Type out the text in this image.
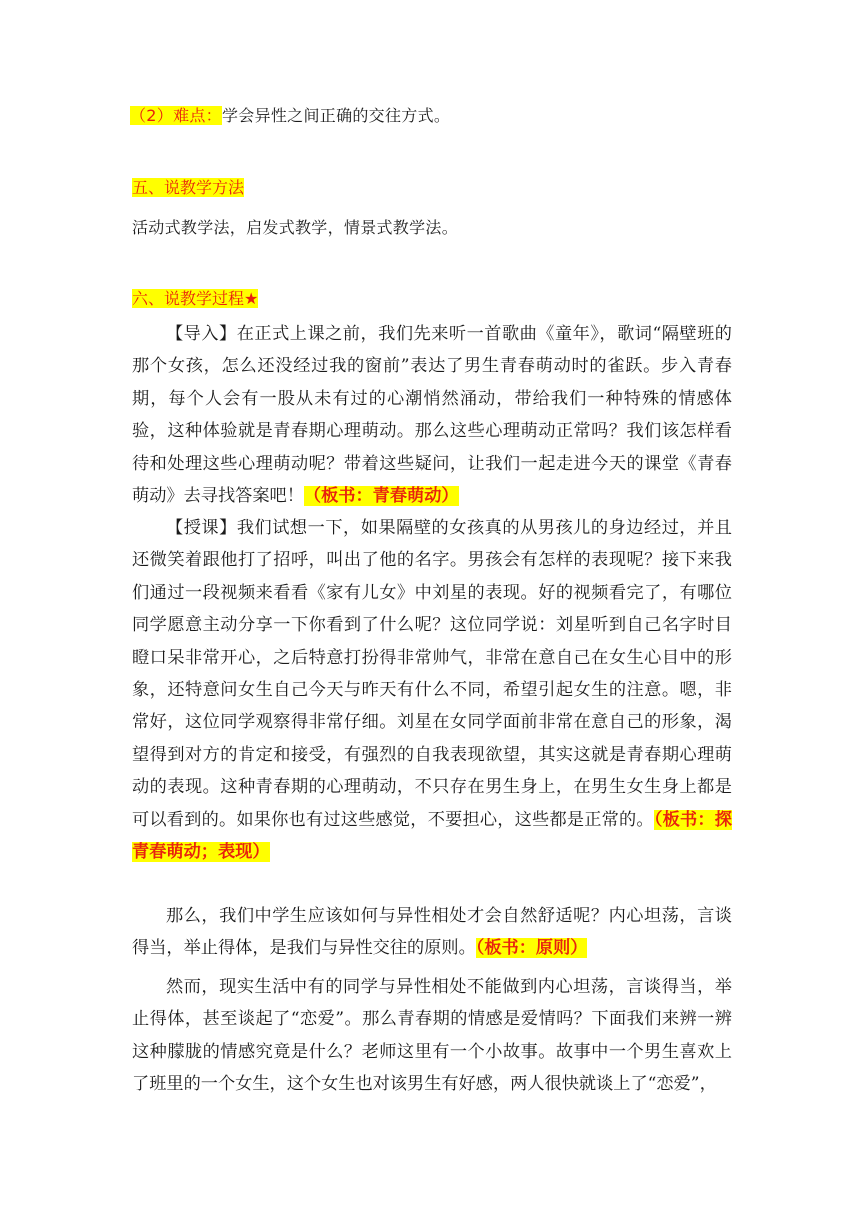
（2）难点：学会异性之间正确的交往方式。

五、说教学方法

活动式教学法，启发式教学，情景式教学法。

六、说教学过程★

【导入】在正式上课之前，我们先来听一首歌曲《童年》，歌词“隔壁班的那个女孩，怎么还没经过我的窗前”表达了男生青春萌动时的雀跃。步入青春期，每个人会有一股从未有过的心潮悄然涌动，带给我们一种特殊的情感体验，这种体验就是青春期心理萌动。那么这些心理萌动正常吗？我们该怎样看待和处理这些心理萌动呢？带着这些疑问，让我们一起走进今天的课堂《青春萌动》去寻找答案吧！（板书：青春萌动）

【授课】我们试想一下，如果隔壁的女孩真的从男孩儿的身边经过，并且还微笑着跟他打了招呼，叫出了他的名字。男孩会有怎样的表现呢？接下来我们通过一段视频来看看《家有儿女》中刘星的表现。好的视频看完了，有哪位同学愿意主动分享一下你看到了什么呢？这位同学说：刘星听到自己名字时目瞪口呆非常开心，之后特意打扮得非常帅气，非常在意自己在女生心目中的形象，还特意问女生自己今天与昨天有什么不同，希望引起女生的注意。嗯，非常好，这位同学观察得非常仔细。刘星在女同学面前非常在意自己的形象，渴望得到对方的肯定和接受，有强烈的自我表现欲望，其实这就是青春期心理萌动的表现。这种青春期的心理萌动，不只存在男生身上，在男生女生身上都是可以看到的。如果你也有过这些感觉，不要担心，这些都是正常的。（板书：探青春萌动；表现）

那么，我们中学生应该如何与异性相处才会自然舒适呢？内心坦荡，言谈得当，举止得体，是我们与异性交往的原则。（板书：原则）

然而，现实生活中有的同学与异性相处不能做到内心坦荡，言谈得当，举止得体，甚至谈起了“恋爱”。那么青春期的情感是爱情吗？下面我们来辨一辨这种朦胧的情感究竟是什么？老师这里有一个小故事。故事中一个男生喜欢上了班里的一个女生，这个女生也对该男生有好感，两人很快就谈上了“恋爱”，
